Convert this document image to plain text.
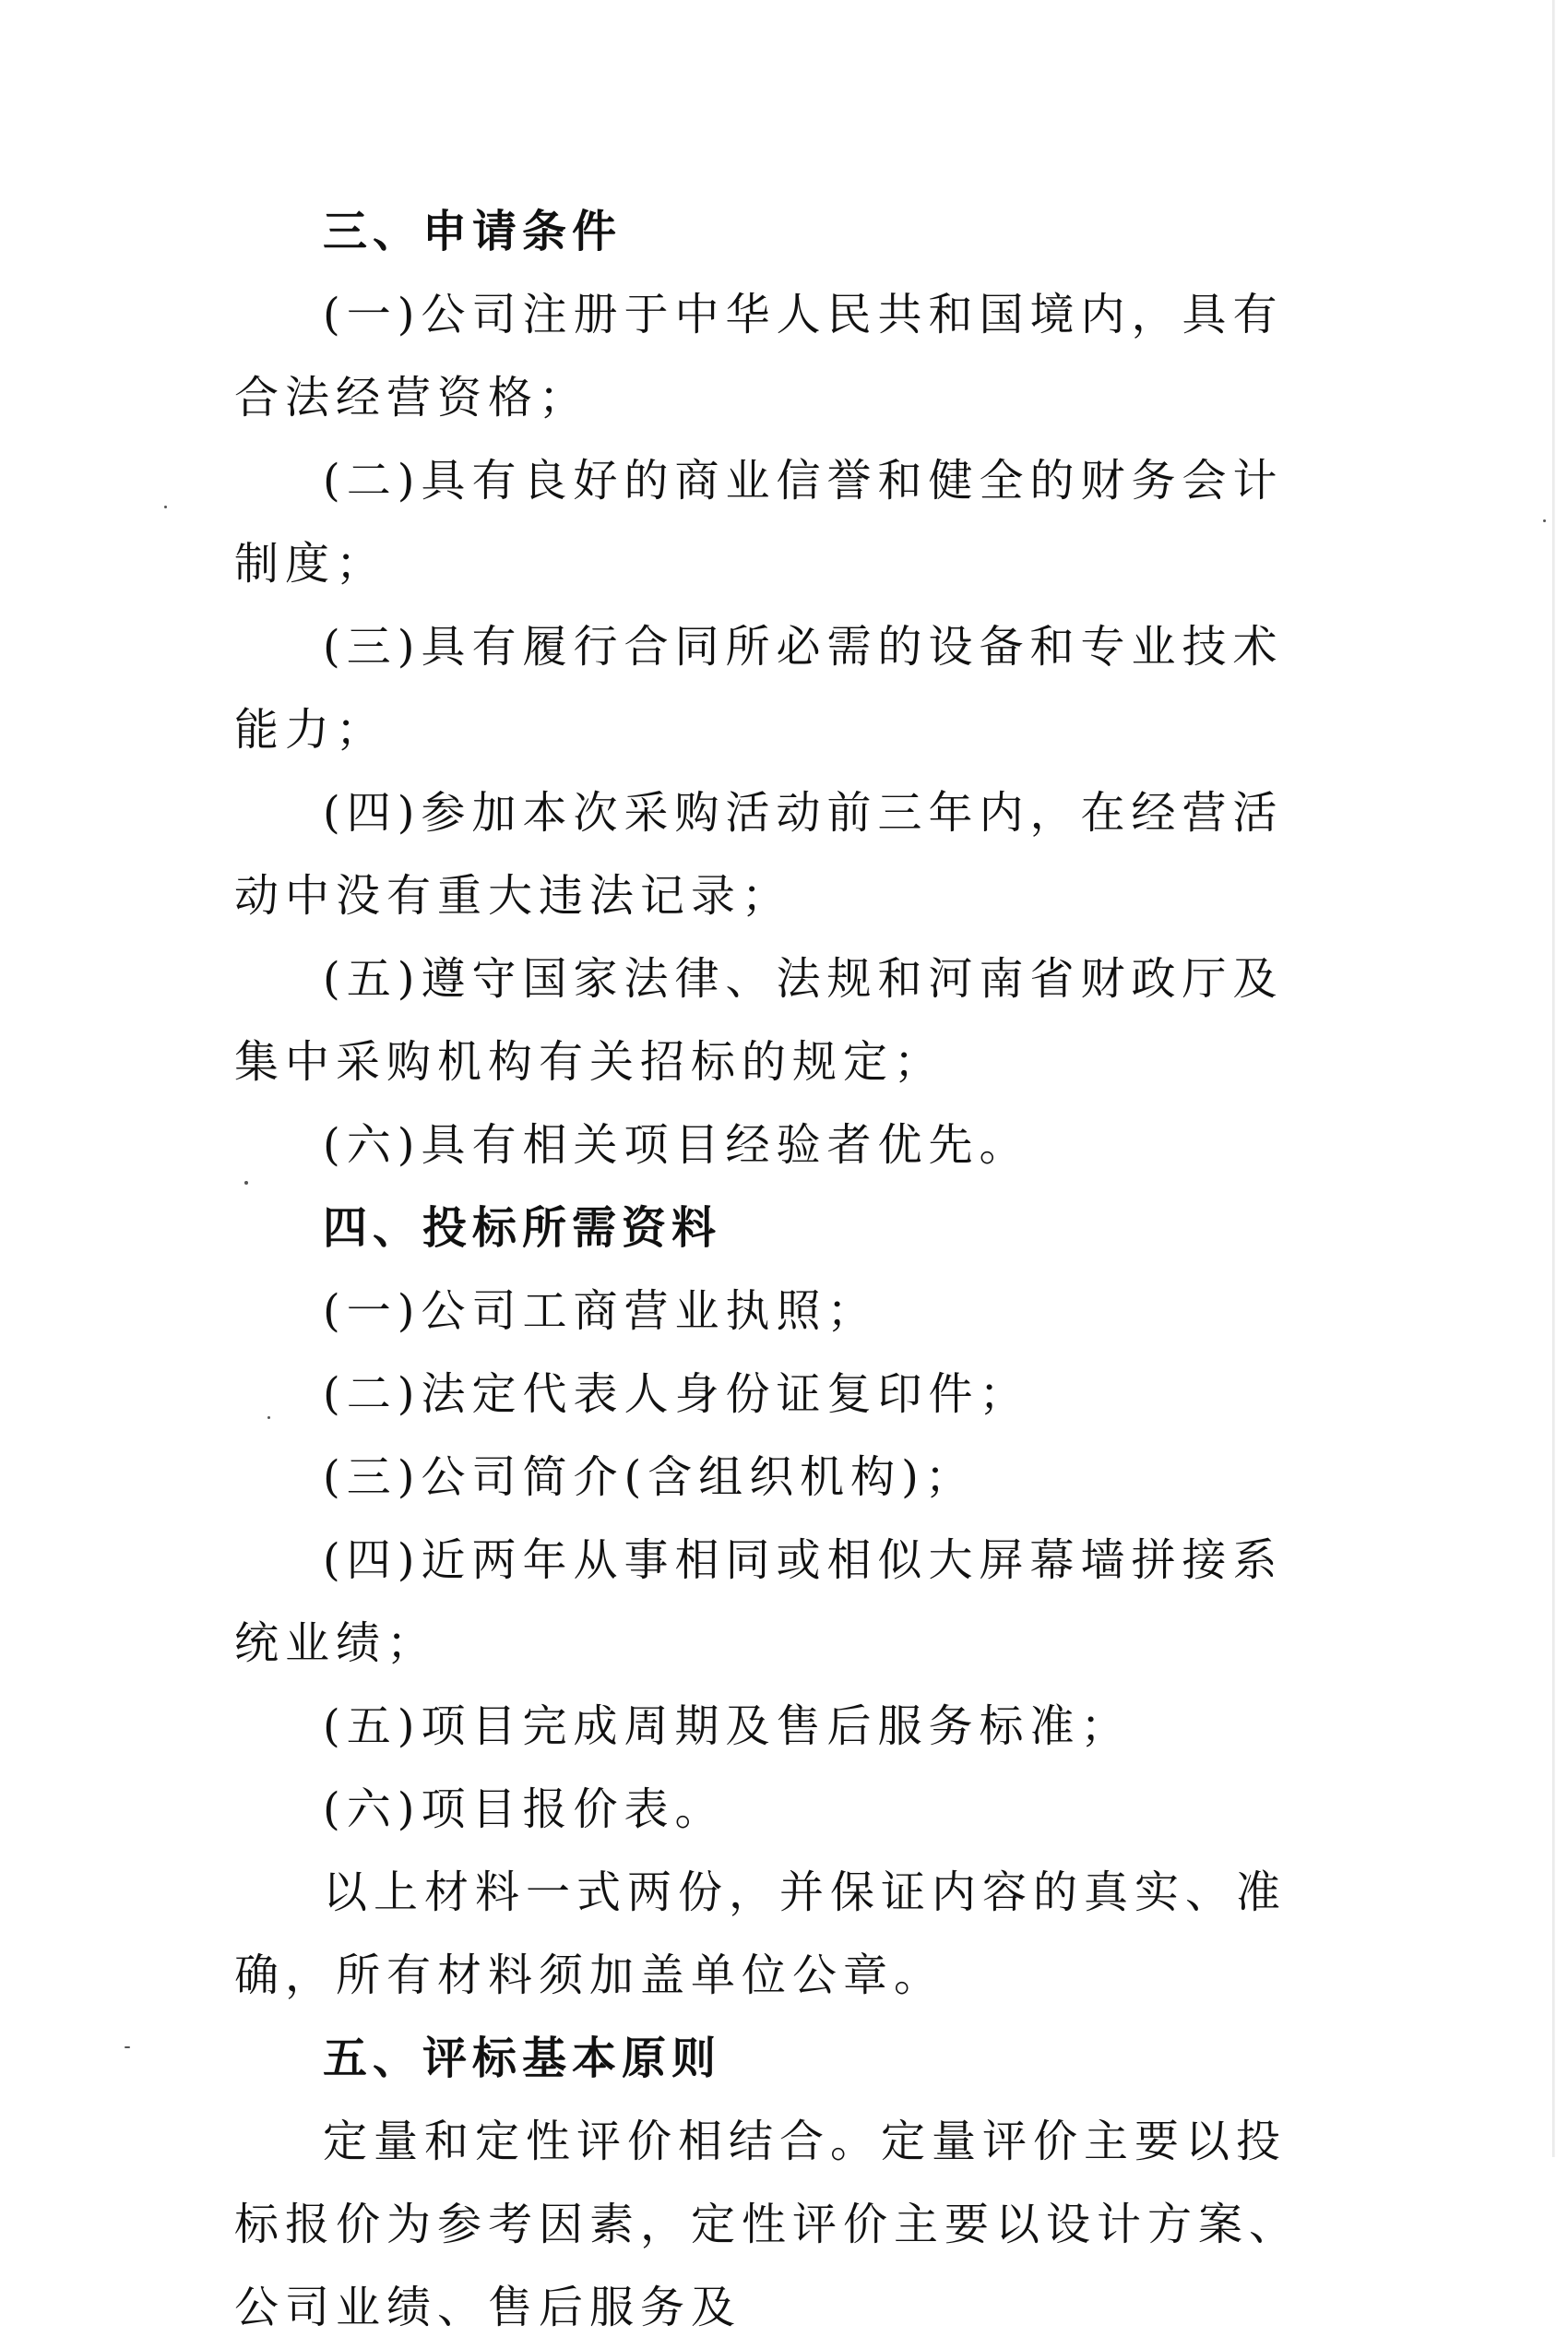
三、申请条件

(一)公司注册于中华人民共和国境内，具有合法经营资格；

(二)具有良好的商业信誉和健全的财务会计制度；

(三)具有履行合同所必需的设备和专业技术能力；

(四)参加本次采购活动前三年内，在经营活动中没有重大违法记录；

(五)遵守国家法律、法规和河南省财政厅及集中采购机构有关招标的规定；

(六)具有相关项目经验者优先。

四、投标所需资料

(一)公司工商营业执照；

(二)法定代表人身份证复印件；

(三)公司简介(含组织机构)；

(四)近两年从事相同或相似大屏幕墙拼接系统业绩；

(五)项目完成周期及售后服务标准；

(六)项目报价表。

以上材料一式两份，并保证内容的真实、准确，所有材料须加盖单位公章。

五、评标基本原则

定量和定性评价相结合。定量评价主要以投标报价为参考因素，定性评价主要以设计方案、公司业绩、售后服务及
